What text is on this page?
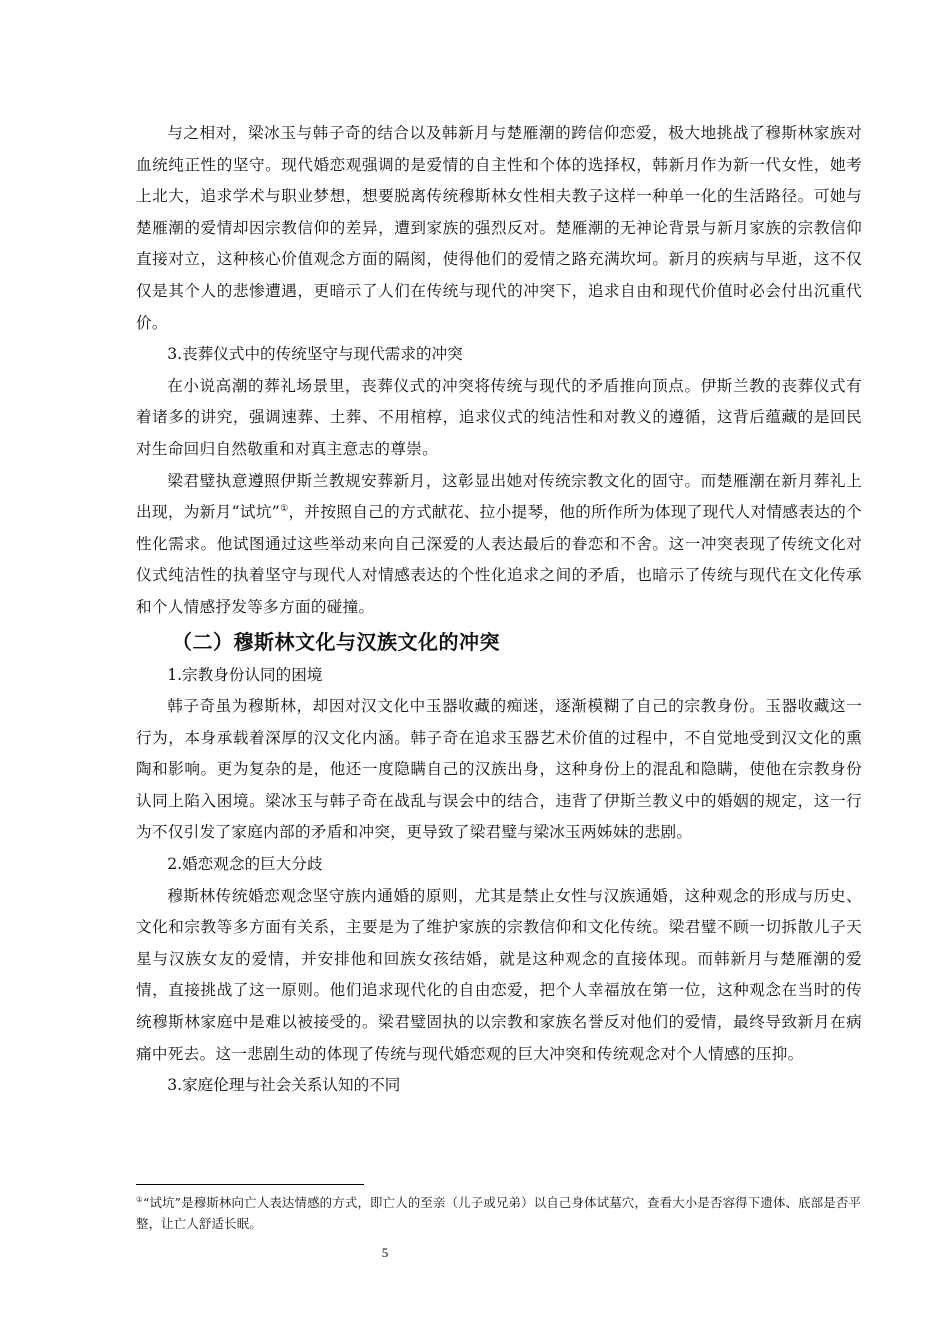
与之相对，梁冰玉与韩子奇的结合以及韩新月与楚雁潮的跨信仰恋爱，极大地挑战了穆斯林家族对血统纯正性的坚守。现代婚恋观强调的是爱情的自主性和个体的选择权，韩新月作为新一代女性，她考上北大，追求学术与职业梦想，想要脱离传统穆斯林女性相夫教子这样一种单一化的生活路径。可她与楚雁潮的爱情却因宗教信仰的差异，遭到家族的强烈反对。楚雁潮的无神论背景与新月家族的宗教信仰直接对立，这种核心价值观念方面的隔阂，使得他们的爱情之路充满坎坷。新月的疾病与早逝，这不仅仅是其个人的悲惨遭遇，更暗示了人们在传统与现代的冲突下，追求自由和现代价值时必会付出沉重代价。

3.丧葬仪式中的传统坚守与现代需求的冲突

在小说高潮的葬礼场景里，丧葬仪式的冲突将传统与现代的矛盾推向顶点。伊斯兰教的丧葬仪式有着诸多的讲究，强调速葬、土葬、不用棺椁，追求仪式的纯洁性和对教义的遵循，这背后蕴藏的是回民对生命回归自然敬重和对真主意志的尊崇。

梁君璧执意遵照伊斯兰教规安葬新月，这彰显出她对传统宗教文化的固守。而楚雁潮在新月葬礼上出现，为新月“试坑”①，并按照自己的方式献花、拉小提琴，他的所作所为体现了现代人对情感表达的个性化需求。他试图通过这些举动来向自己深爱的人表达最后的眷恋和不舍。这一冲突表现了传统文化对仪式纯洁性的执着坚守与现代人对情感表达的个性化追求之间的矛盾，也暗示了传统与现代在文化传承和个人情感抒发等多方面的碰撞。

（二）穆斯林文化与汉族文化的冲突

1.宗教身份认同的困境

韩子奇虽为穆斯林，却因对汉文化中玉器收藏的痴迷，逐渐模糊了自己的宗教身份。玉器收藏这一行为，本身承载着深厚的汉文化内涵。韩子奇在追求玉器艺术价值的过程中，不自觉地受到汉文化的熏陶和影响。更为复杂的是，他还一度隐瞒自己的汉族出身，这种身份上的混乱和隐瞒，使他在宗教身份认同上陷入困境。梁冰玉与韩子奇在战乱与误会中的结合，违背了伊斯兰教义中的婚姻的规定，这一行为不仅引发了家庭内部的矛盾和冲突，更导致了梁君璧与梁冰玉两姊妹的悲剧。

2.婚恋观念的巨大分歧

穆斯林传统婚恋观念坚守族内通婚的原则，尤其是禁止女性与汉族通婚，这种观念的形成与历史、文化和宗教等多方面有关系，主要是为了维护家族的宗教信仰和文化传统。梁君璧不顾一切拆散儿子天星与汉族女友的爱情，并安排他和回族女孩结婚，就是这种观念的直接体现。而韩新月与楚雁潮的爱情，直接挑战了这一原则。他们追求现代化的自由恋爱，把个人幸福放在第一位，这种观念在当时的传统穆斯林家庭中是难以被接受的。梁君璧固执的以宗教和家族名誉反对他们的爱情，最终导致新月在病痛中死去。这一悲剧生动的体现了传统与现代婚恋观的巨大冲突和传统观念对个人情感的压抑。

3.家庭伦理与社会关系认知的不同

①“试坑”是穆斯林向亡人表达情感的方式，即亡人的至亲（儿子或兄弟）以自己身体试墓穴，查看大小是否容得下遗体、底部是否平整，让亡人舒适长眠。

5
